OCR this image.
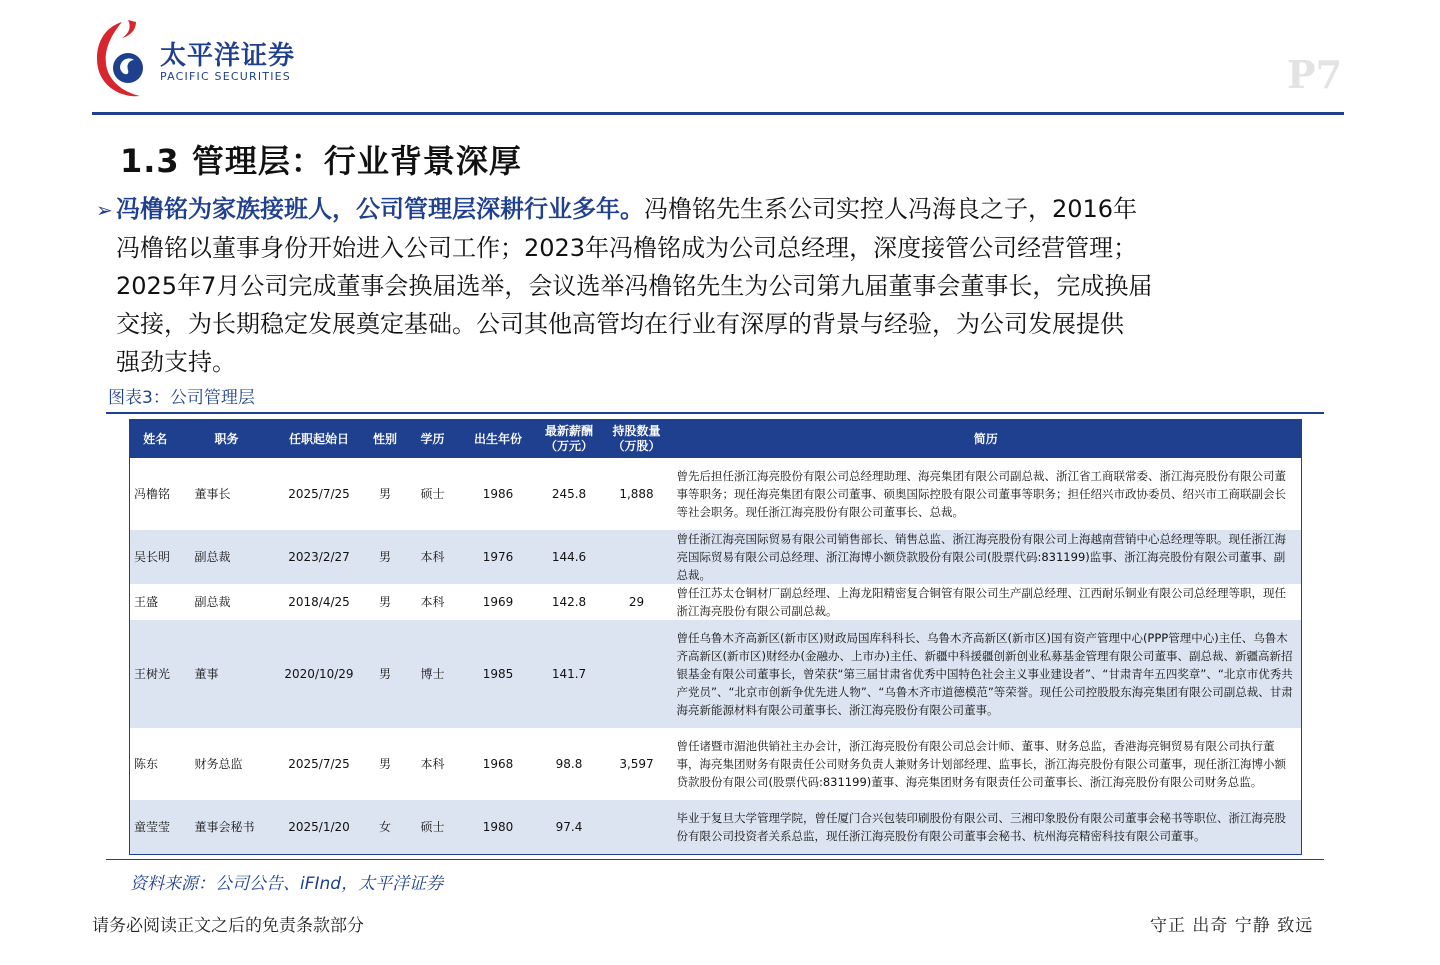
太平洋证券
PACIFIC SECURITIES	P7
1.3 管理层：行业背景深厚
➢ 冯橹铭为家族接班人，公司管理层深耕行业多年。冯橹铭先生系公司实控人冯海良之子，2016年
冯橹铭以董事身份开始进入公司工作；2023年冯橹铭成为公司总经理，深度接管公司经营管理；
2025年7月公司完成董事会换届选举，会议选举冯橹铭先生为公司第九届董事会董事长，完成换届
交接，为长期稳定发展奠定基础。公司其他高管均在行业有深厚的背景与经验，为公司发展提供
强劲支持。
图表3：公司管理层
姓名	职务	任职起始日	性别	学历	出生年份	最新薪酬（万元）	持股数量（万股）	简历
冯橹铭	董事长	2025/7/25	男	硕士	1986	245.8	1,888	曾先后担任浙江海亮股份有限公司总经理助理、海亮集团有限公司副总裁、浙江省工商联常委、浙江海亮股份有限公司董事等职务；现任海亮集团有限公司董事、硕奥国际控股有限公司董事等职务；担任绍兴市政协委员、绍兴市工商联副会长等社会职务。现任浙江海亮股份有限公司董事长、总裁。
吴长明	副总裁	2023/2/27	男	本科	1976	144.6		曾任浙江海亮国际贸易有限公司销售部长、销售总监、浙江海亮股份有限公司上海越南营销中心总经理等职。现任浙江海亮国际贸易有限公司总经理、浙江海博小额贷款股份有限公司(股票代码:831199)监事、浙江海亮股份有限公司董事、副总裁。
王盛	副总裁	2018/4/25	男	本科	1969	142.8	29	曾任江苏太仓铜材厂副总经理、上海龙阳精密复合铜管有限公司生产副总经理、江西耐乐铜业有限公司总经理等职，现任浙江海亮股份有限公司副总裁。
王树光	董事	2020/10/29	男	博士	1985	141.7		曾任乌鲁木齐高新区(新市区)财政局国库科科长、乌鲁木齐高新区(新市区)国有资产管理中心(PPP管理中心)主任、乌鲁木齐高新区(新市区)财经办(金融办、上市办)主任、新疆中科援疆创新创业私募基金管理有限公司董事、副总裁、新疆高新招银基金有限公司董事长，曾荣获“第三届甘肃省优秀中国特色社会主义事业建设者”、“甘肃青年五四奖章”、“北京市优秀共产党员”、“北京市创新争优先进人物”、“乌鲁木齐市道德模范”等荣誉。现任公司控股股东海亮集团有限公司副总裁、甘肃海亮新能源材料有限公司董事长、浙江海亮股份有限公司董事。
陈东	财务总监	2025/7/25	男	本科	1968	98.8	3,597	曾任诸暨市湄池供销社主办会计，浙江海亮股份有限公司总会计师、董事、财务总监，香港海亮铜贸易有限公司执行董事，海亮集团财务有限责任公司财务负责人兼财务计划部经理、监事长，浙江海亮股份有限公司董事，现任浙江海博小额贷款股份有限公司(股票代码:831199)董事、海亮集团财务有限责任公司董事长、浙江海亮股份有限公司财务总监。
童莹莹	董事会秘书	2025/1/20	女	硕士	1980	97.4		毕业于复旦大学管理学院，曾任厦门合兴包装印刷股份有限公司、三湘印象股份有限公司董事会秘书等职位、浙江海亮股份有限公司投资者关系总监，现任浙江海亮股份有限公司董事会秘书、杭州海亮精密科技有限公司董事。
资料来源：公司公告、iFInd，太平洋证券
请务必阅读正文之后的免责条款部分	守正 出奇 宁静 致远
